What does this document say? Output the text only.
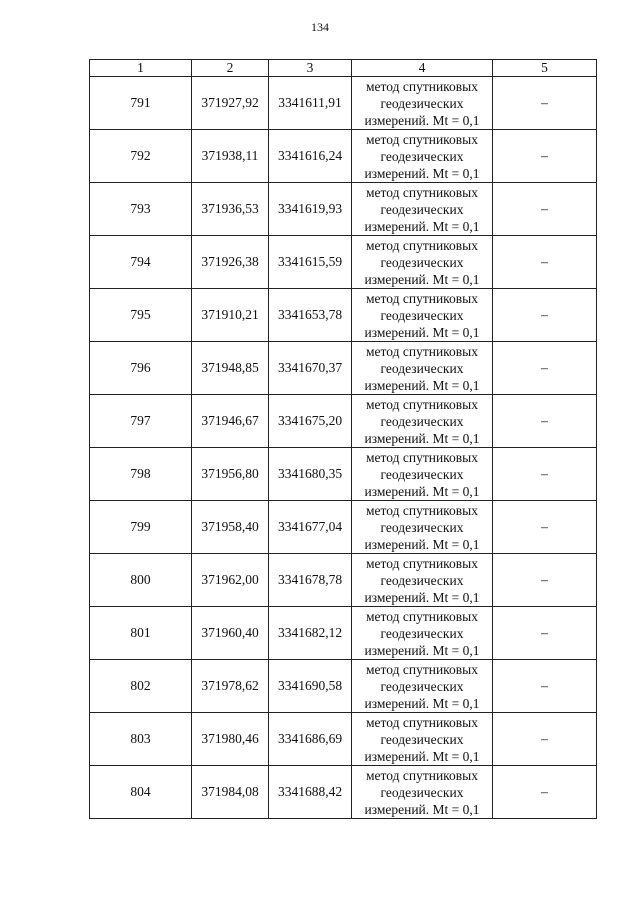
134
1	2	3	4	5
791	371927,92	3341611,91	метод спутниковых
геодезических
измерений. Mt = 0,1	–
792	371938,11	3341616,24	метод спутниковых
геодезических
измерений. Mt = 0,1	–
793	371936,53	3341619,93	метод спутниковых
геодезических
измерений. Mt = 0,1	–
794	371926,38	3341615,59	метод спутниковых
геодезических
измерений. Mt = 0,1	–
795	371910,21	3341653,78	метод спутниковых
геодезических
измерений. Mt = 0,1	–
796	371948,85	3341670,37	метод спутниковых
геодезических
измерений. Mt = 0,1	–
797	371946,67	3341675,20	метод спутниковых
геодезических
измерений. Mt = 0,1	–
798	371956,80	3341680,35	метод спутниковых
геодезических
измерений. Mt = 0,1	–
799	371958,40	3341677,04	метод спутниковых
геодезических
измерений. Mt = 0,1	–
800	371962,00	3341678,78	метод спутниковых
геодезических
измерений. Mt = 0,1	–
801	371960,40	3341682,12	метод спутниковых
геодезических
измерений. Mt = 0,1	–
802	371978,62	3341690,58	метод спутниковых
геодезических
измерений. Mt = 0,1	–
803	371980,46	3341686,69	метод спутниковых
геодезических
измерений. Mt = 0,1	–
804	371984,08	3341688,42	метод спутниковых
геодезических
измерений. Mt = 0,1	–
